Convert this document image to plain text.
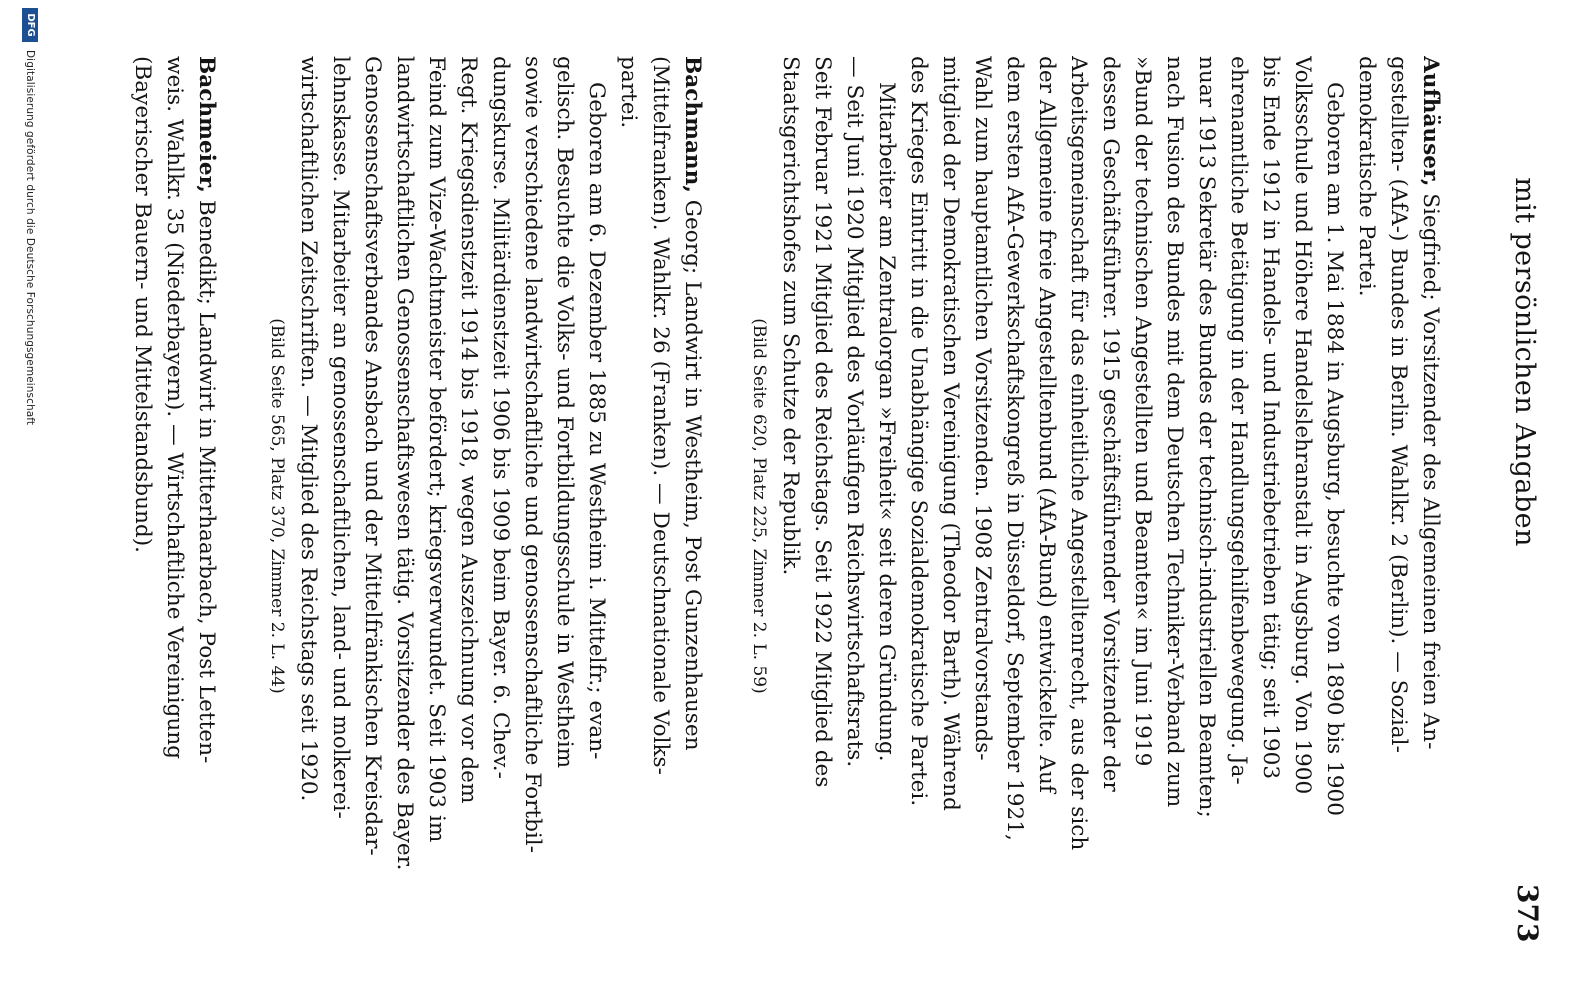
mit persönlichen Angaben
373
Aufhäuser, Siegfried; Vorsitzender des Allgemeinen freien An-
gestellten- (AfA-) Bundes in Berlin. Wahlkr. 2 (Berlin). — Sozial-
demokratische Partei.
Geboren am 1. Mai 1884 in Augsburg, besuchte von 1890 bis 1900
Volksschule und Höhere Handelslehranstalt in Augsburg. Von 1900
bis Ende 1912 in Handels- und Industriebetrieben tätig; seit 1903
ehrenamtliche Betätigung in der Handlungsgehilfenbewegung. Ja-
nuar 1913 Sekretär des Bundes der technisch-industriellen Beamten;
nach Fusion des Bundes mit dem Deutschen Techniker-Verband zum
»Bund der technischen Angestellten und Beamten« im Juni 1919
dessen Geschäftsführer. 1915 geschäftsführender Vorsitzender der
Arbeitsgemeinschaft für das einheitliche Angestelltenrecht, aus der sich
der Allgemeine freie Angestelltenbund (AfA-Bund) entwickelte. Auf
dem ersten AfA-Gewerkschaftskongreß in Düsseldorf, September 1921,
Wahl zum hauptamtlichen Vorsitzenden. 1908 Zentralvorstands-
mitglied der Demokratischen Vereinigung (Theodor Barth). Während
des Krieges Eintritt in die Unabhängige Sozialdemokratische Partei.
Mitarbeiter am Zentralorgan »Freiheit« seit deren Gründung.
— Seit Juni 1920 Mitglied des Vorläufigen Reichswirtschaftsrats.
Seit Februar 1921 Mitglied des Reichstags. Seit 1922 Mitglied des
Staatsgerichtshofes zum Schutze der Republik.
(Bild Seite 620, Platz 225, Zimmer 2. L. 59)
Bachmann, Georg; Landwirt in Westheim, Post Gunzenhausen
(Mittelfranken). Wahlkr. 26 (Franken). — Deutschnationale Volks-
partei.
Geboren am 6. Dezember 1885 zu Westheim i. Mittelfr.; evan-
gelisch. Besuchte die Volks- und Fortbildungsschule in Westheim
sowie verschiedene landwirtschaftliche und genossenschaftliche Fortbil-
dungskurse. Militärdienstzeit 1906 bis 1909 beim Bayer. 6. Chev.-
Regt. Kriegsdienstzeit 1914 bis 1918, wegen Auszeichnung vor dem
Feind zum Vize-Wachtmeister befördert; kriegsverwundet. Seit 1903 im
landwirtschaftlichen Genossenschaftswesen tätig. Vorsitzender des Bayer.
Genossenschaftsverbandes Ansbach und der Mittelfränkischen Kreisdar-
lehnskasse. Mitarbeiter an genossenschaftlichen, land- und molkerei-
wirtschaftlichen Zeitschriften. — Mitglied des Reichstags seit 1920.
(Bild Seite 565, Platz 370, Zimmer 2. L. 44)
Bachmeier, Benedikt; Landwirt in Mitterhaarbach, Post Letten-
weis. Wahlkr. 35 (Niederbayern). — Wirtschaftliche Vereinigung
(Bayerischer Bauern- und Mittelstandsbund).
Digitalisierung gefördert durch die Deutsche Forschungsgemeinschaft
DFG
